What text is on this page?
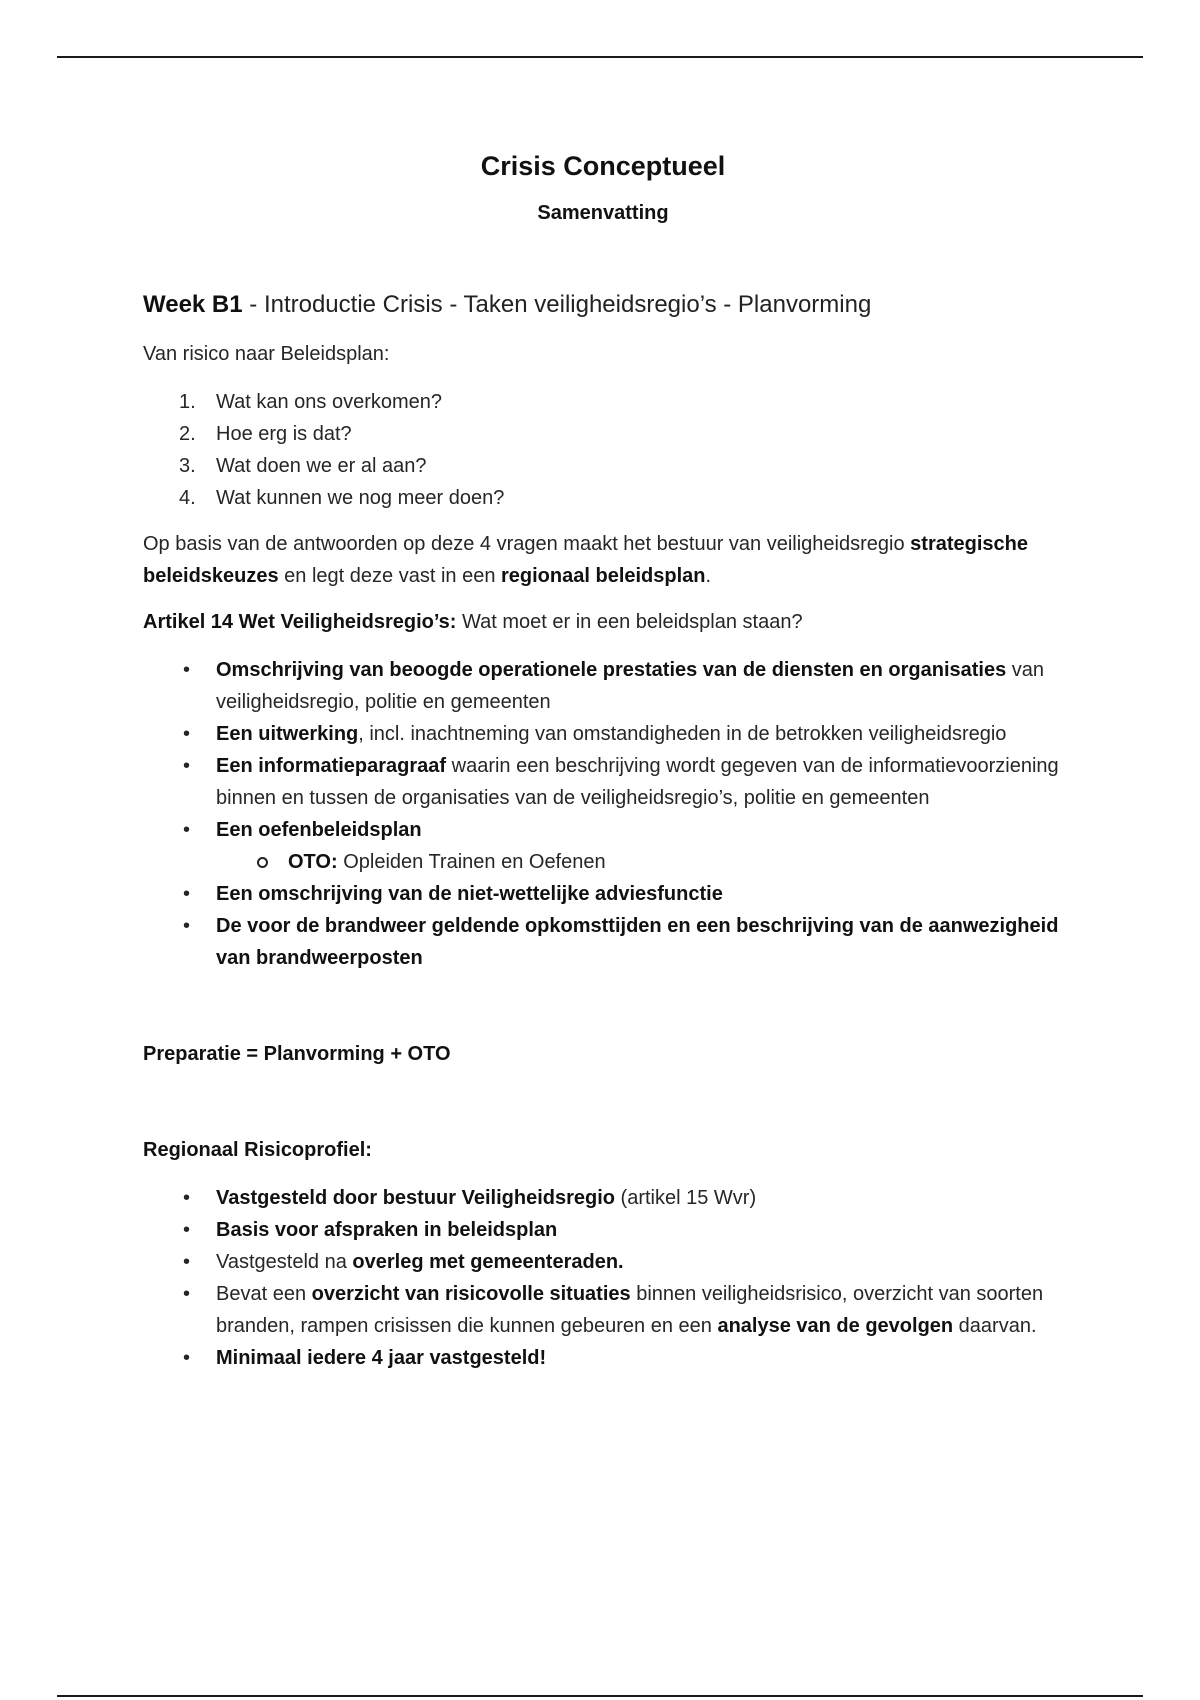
Crisis Conceptueel
Samenvatting
Week B1 - Introductie Crisis - Taken veiligheidsregio’s - Planvorming

Van risico naar Beleidsplan:

1. Wat kan ons overkomen?
2. Hoe erg is dat?
3. Wat doen we er al aan?
4. Wat kunnen we nog meer doen?

Op basis van de antwoorden op deze 4 vragen maakt het bestuur van veiligheidsregio strategische beleidskeuzes en legt deze vast in een regionaal beleidsplan.

Artikel 14 Wet Veiligheidsregio’s: Wat moet er in een beleidsplan staan?

• Omschrijving van beoogde operationele prestaties van de diensten en organisaties van veiligheidsregio, politie en gemeenten
• Een uitwerking, incl. inachtneming van omstandigheden in de betrokken veiligheidsregio
• Een informatieparagraaf waarin een beschrijving wordt gegeven van de informatievoorziening binnen en tussen de organisaties van de veiligheidsregio’s, politie en gemeenten
• Een oefenbeleidsplan
OTO: Opleiden Trainen en Oefenen
• Een omschrijving van de niet-wettelijke adviesfunctie
• De voor de brandweer geldende opkomsttijden en een beschrijving van de aanwezigheid van brandweerposten

Preparatie = Planvorming + OTO

Regionaal Risicoprofiel:

• Vastgesteld door bestuur Veiligheidsregio (artikel 15 Wvr)
• Basis voor afspraken in beleidsplan
• Vastgesteld na overleg met gemeenteraden.
• Bevat een overzicht van risicovolle situaties binnen veiligheidsrisico, overzicht van soorten branden, rampen crisissen die kunnen gebeuren en een analyse van de gevolgen daarvan.
• Minimaal iedere 4 jaar vastgesteld!
